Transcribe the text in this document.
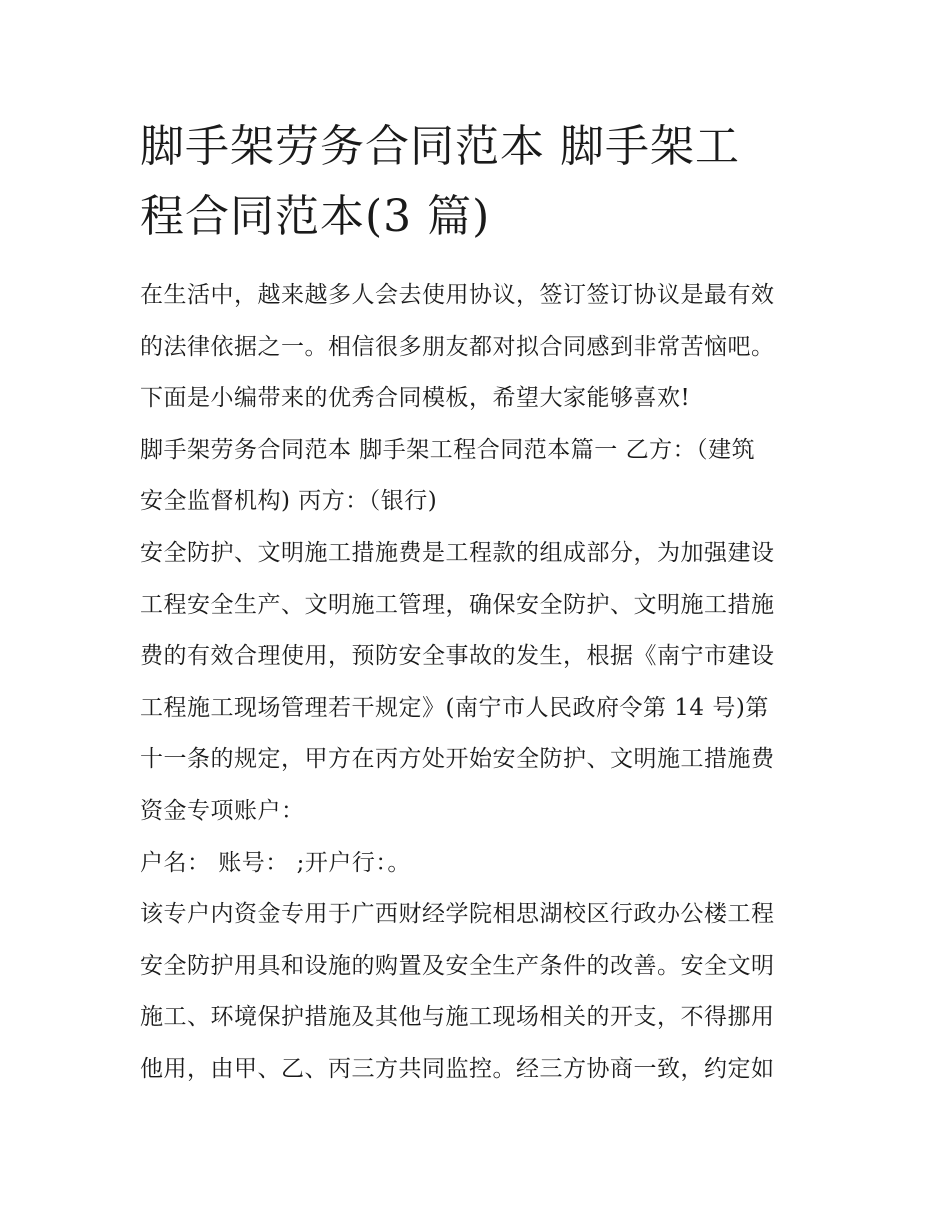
脚手架劳务合同范本 脚手架工
程合同范本(3 篇)

在生活中，越来越多人会去使用协议，签订签订协议是最有效
的法律依据之一。相信很多朋友都对拟合同感到非常苦恼吧。
下面是小编带来的优秀合同模板，希望大家能够喜欢!

脚手架劳务合同范本 脚手架工程合同范本篇一 乙方：（建筑
安全监督机构) 丙方：（银行)

安全防护、文明施工措施费是工程款的组成部分，为加强建设
工程安全生产、文明施工管理，确保安全防护、文明施工措施
费的有效合理使用，预防安全事故的发生，根据《南宁市建设
工程施工现场管理若干规定》(南宁市人民政府令第 14 号)第
十一条的规定，甲方在丙方处开始安全防护、文明施工措施费
资金专项账户：

户名： 账号： ;开户行：。

该专户内资金专用于广西财经学院相思湖校区行政办公楼工程
安全防护用具和设施的购置及安全生产条件的改善。安全文明
施工、环境保护措施及其他与施工现场相关的开支，不得挪用
他用，由甲、乙、丙三方共同监控。经三方协商一致，约定如
